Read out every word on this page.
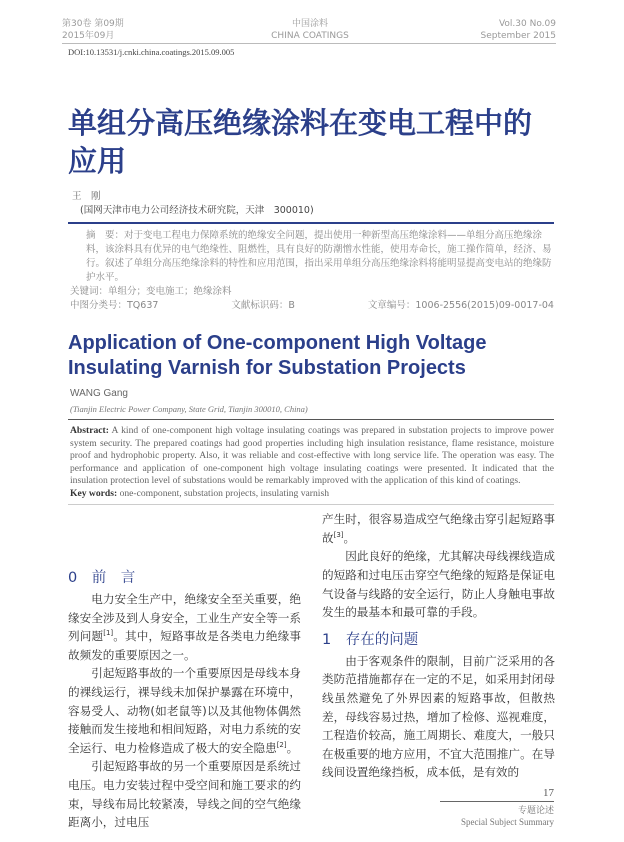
第30卷 第09期
2015年09月
中国涂料
CHINA COATINGS
Vol.30 No.09
September 2015
DOI:10.13531/j.cnki.china.coatings.2015.09.005
单组分高压绝缘涂料在变电工程中的应用
王　刚
(国网天津市电力公司经济技术研究院，天津　300010)
摘　要：对于变电工程电力保障系统的绝缘安全问题，提出使用一种新型高压绝缘涂料——单组分高压绝缘涂料，该涂料具有优异的电气绝缘性、阻燃性，具有良好的防潮憎水性能，使用寿命长，施工操作简单，经济、易行。叙述了单组分高压绝缘涂料的特性和应用范围，指出采用单组分高压绝缘涂料将能明显提高变电站的绝缘防护水平。
关键词：单组分；变电施工；绝缘涂料
中图分类号：TQ637	文献标识码：B	文章编号：1006-2556(2015)09-0017-04
Application of One-component High Voltage Insulating Varnish for Substation Projects
WANG Gang
(Tianjin Electric Power Company, State Grid, Tianjin 300010, China)
Abstract: A kind of one-component high voltage insulating coatings was prepared in substation projects to improve power system security. The prepared coatings had good properties including high insulation resistance, flame resistance, moisture proof and hydrophobic property. Also, it was reliable and cost-effective with long service life. The operation was easy. The performance and application of one-component high voltage insulating coatings were presented. It indicated that the insulation protection level of substations would be remarkably improved with the application of this kind of coatings.
Key words: one-component, substation projects, insulating varnish
0　前　言

电力安全生产中，绝缘安全至关重要，绝缘安全涉及到人身安全，工业生产安全等一系列问题[1]。其中，短路事故是各类电力绝缘事故频发的重要原因之一。

引起短路事故的一个重要原因是母线本身的裸线运行，裸导线未加保护暴露在环境中，容易受人、动物(如老鼠等)以及其他物体偶然接触而发生接地和相间短路，对电力系统的安全运行、电力检修造成了极大的安全隐患[2]。

引起短路事故的另一个重要原因是系统过电压。电力安装过程中受空间和施工要求的约束，导线布局比较紧凑，导线之间的空气绝缘距离小，过电压

产生时，很容易造成空气绝缘击穿引起短路事故[3]。

因此良好的绝缘，尤其解决母线裸线造成的短路和过电压击穿空气绝缘的短路是保证电气设备与线路的安全运行，防止人身触电事故发生的最基本和最可靠的手段。

1　存在的问题

由于客观条件的限制，目前广泛采用的各类防范措施都存在一定的不足，如采用封闭母线虽然避免了外界因素的短路事故，但散热差，母线容易过热，增加了检修、巡视难度，工程造价较高，施工周期长、难度大，一般只在极重要的地方应用，不宜大范围推广。在导线间设置绝缘挡板，成本低，是有效的

17
专题论述
Special Subject Summary
